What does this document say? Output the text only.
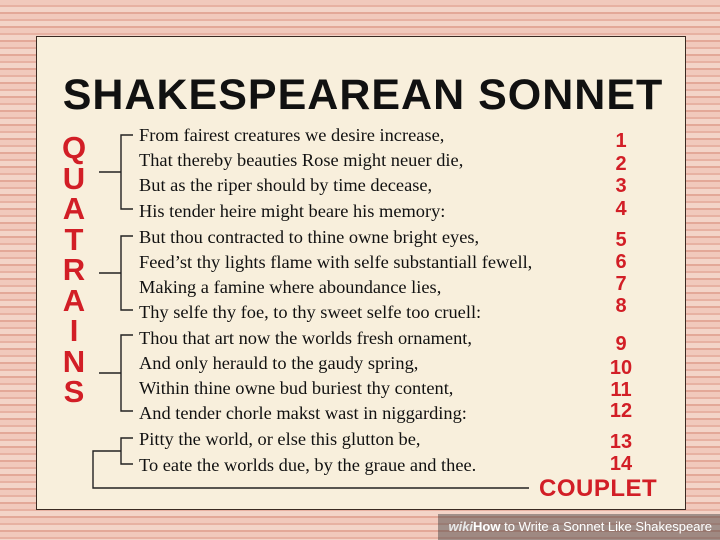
SHAKESPEAREAN SONNET
Q
U
A
T
R
A
I
N
S
From fairest creatures we desire increase,
That thereby beauties Rose might neuer die,
But as the riper should by time decease,
His tender heire might beare his memory:
But thou contracted to thine owne bright eyes,
Feed’st thy lights flame with selfe substantiall fewell,
Making a famine where aboundance lies,
Thy selfe thy foe, to thy sweet selfe too cruell:
Thou that art now the worlds fresh ornament,
And only herauld to the gaudy spring,
Within thine owne bud buriest thy content,
And tender chorle makst wast in niggarding:
Pitty the world, or else this glutton be,
To eate the worlds due, by the graue and thee.
1
2
3
4
5
6
7
8
9
10
11
12
13
14
COUPLET
wikiHow to Write a Sonnet Like Shakespeare
